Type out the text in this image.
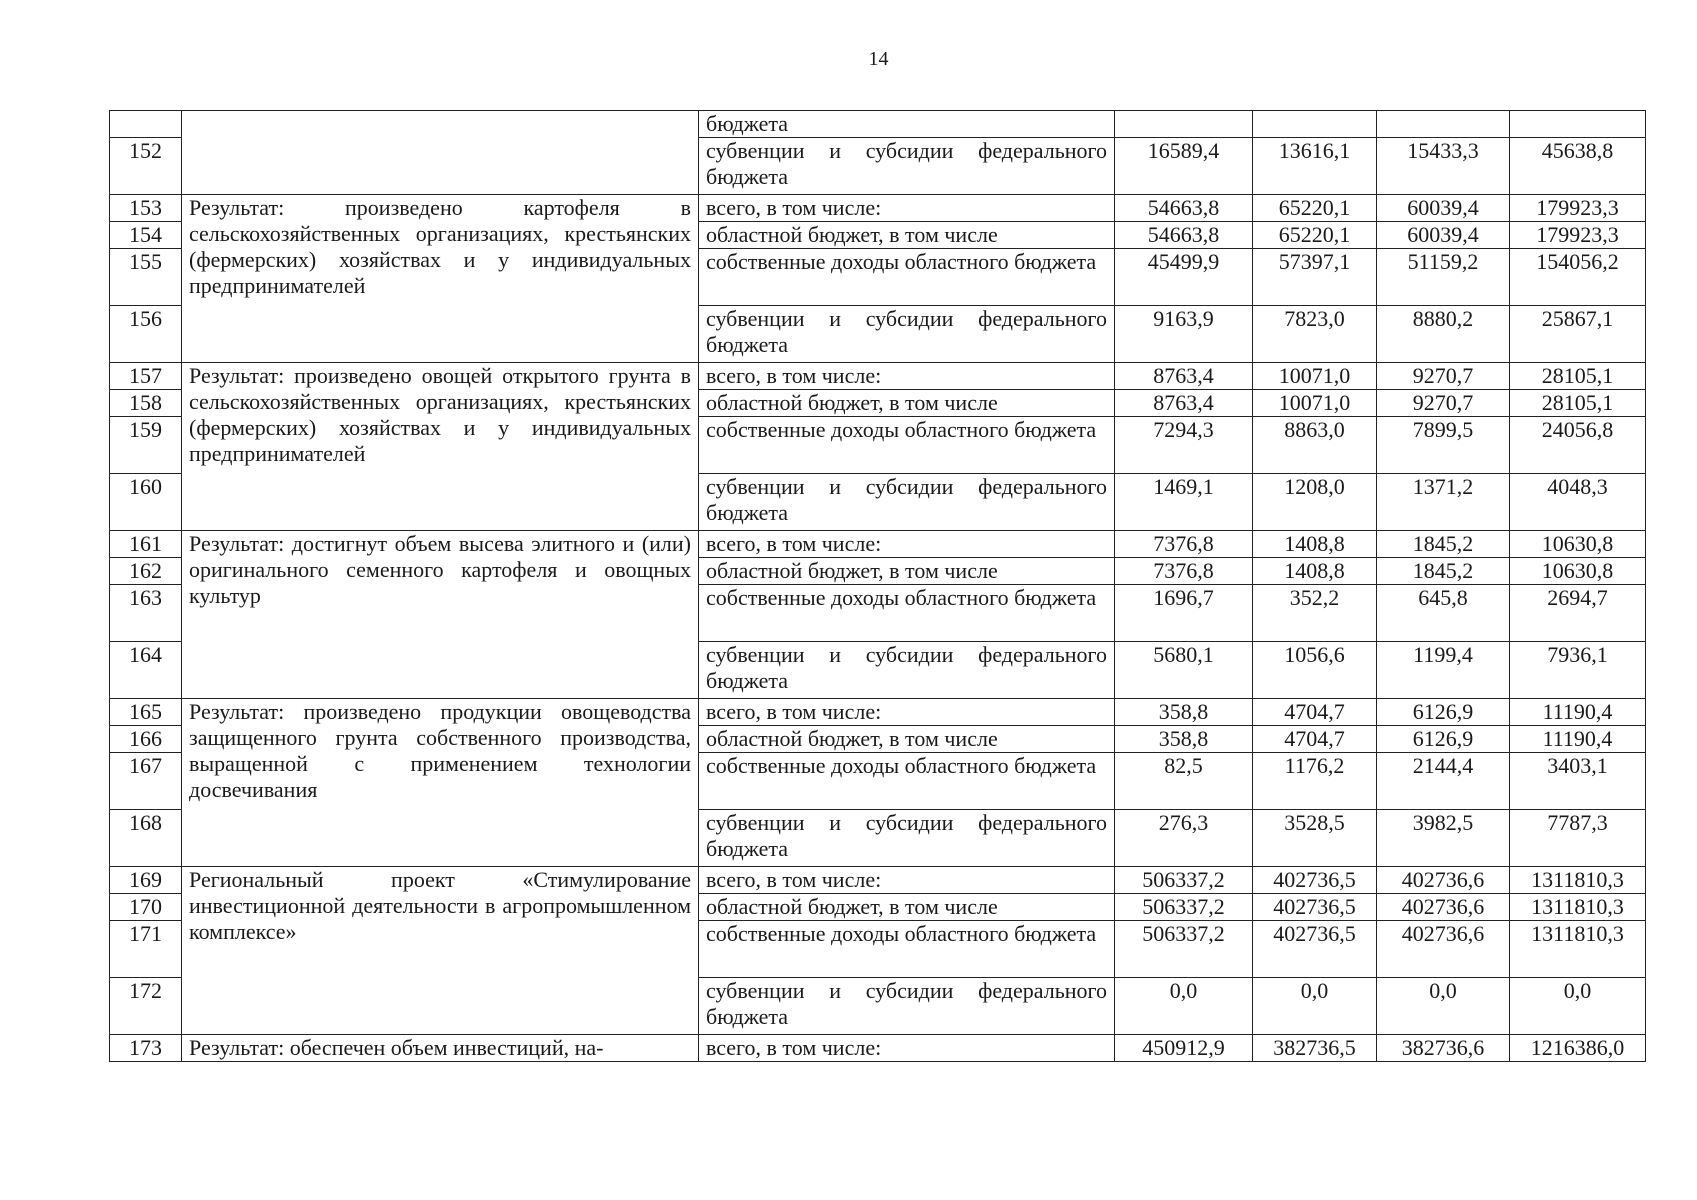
14
		бюджета				
152		субвенции и субсидии федерального бюджета	16589,4	13616,1	15433,3	45638,8
153	Результат: произведено картофеля в сельскохозяйственных организациях, крестьянских (фермерских) хозяйствах и у индивидуальных предпринимателей	всего, в том числе:	54663,8	65220,1	60039,4	179923,3
154		областной бюджет, в том числе	54663,8	65220,1	60039,4	179923,3
155		собственные доходы областного бюджета	45499,9	57397,1	51159,2	154056,2
156		субвенции и субсидии федерального бюджета	9163,9	7823,0	8880,2	25867,1
157	Результат: произведено овощей открытого грунта в сельскохозяйственных организациях, крестьянских (фермерских) хозяйствах и у индивидуальных предпринимателей	всего, в том числе:	8763,4	10071,0	9270,7	28105,1
158		областной бюджет, в том числе	8763,4	10071,0	9270,7	28105,1
159		собственные доходы областного бюджета	7294,3	8863,0	7899,5	24056,8
160		субвенции и субсидии федерального бюджета	1469,1	1208,0	1371,2	4048,3
161	Результат: достигнут объем высева элитного и (или) оригинального семенного картофеля и овощных культур	всего, в том числе:	7376,8	1408,8	1845,2	10630,8
162		областной бюджет, в том числе	7376,8	1408,8	1845,2	10630,8
163		собственные доходы областного бюджета	1696,7	352,2	645,8	2694,7
164		субвенции и субсидии федерального бюджета	5680,1	1056,6	1199,4	7936,1
165	Результат: произведено продукции овощеводства защищенного грунта собственного производства, выращенной с применением технологии досвечивания	всего, в том числе:	358,8	4704,7	6126,9	11190,4
166		областной бюджет, в том числе	358,8	4704,7	6126,9	11190,4
167		собственные доходы областного бюджета	82,5	1176,2	2144,4	3403,1
168		субвенции и субсидии федерального бюджета	276,3	3528,5	3982,5	7787,3
169	Региональный проект «Стимулирование инвестиционной деятельности в агропромышленном комплексе»	всего, в том числе:	506337,2	402736,5	402736,6	1311810,3
170		областной бюджет, в том числе	506337,2	402736,5	402736,6	1311810,3
171		собственные доходы областного бюджета	506337,2	402736,5	402736,6	1311810,3
172		субвенции и субсидии федерального бюджета	0,0	0,0	0,0	0,0
173	Результат: обеспечен объем инвестиций, на-	всего, в том числе:	450912,9	382736,5	382736,6	1216386,0
